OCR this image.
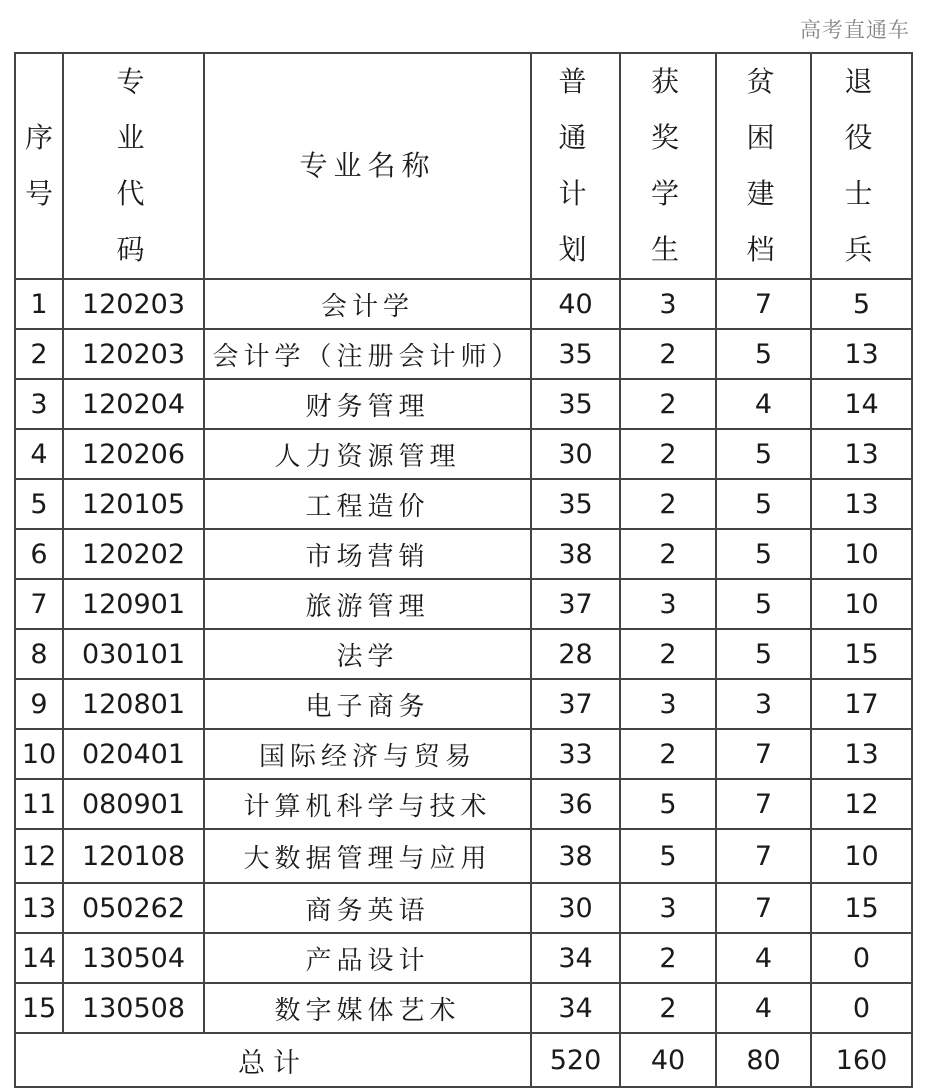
序号	专业代码	专业名称	普通计划	获奖学生	贫困建档	退役士兵
1	120203	会计学	40	3	7	5
2	120203	会计学（注册会计师）	35	2	5	13
3	120204	财务管理	35	2	4	14
4	120206	人力资源管理	30	2	5	13
5	120105	工程造价	35	2	5	13
6	120202	市场营销	38	2	5	10
7	120901	旅游管理	37	3	5	10
8	030101	法学	28	2	5	15
9	120801	电子商务	37	3	3	17
10	020401	国际经济与贸易	33	2	7	13
11	080901	计算机科学与技术	36	5	7	12
12	120108	大数据管理与应用	38	5	7	10
13	050262	商务英语	30	3	7	15
14	130504	产品设计	34	2	4	0
15	130508	数字媒体艺术	34	2	4	0
总计			520	40	80	160
高考直通车
